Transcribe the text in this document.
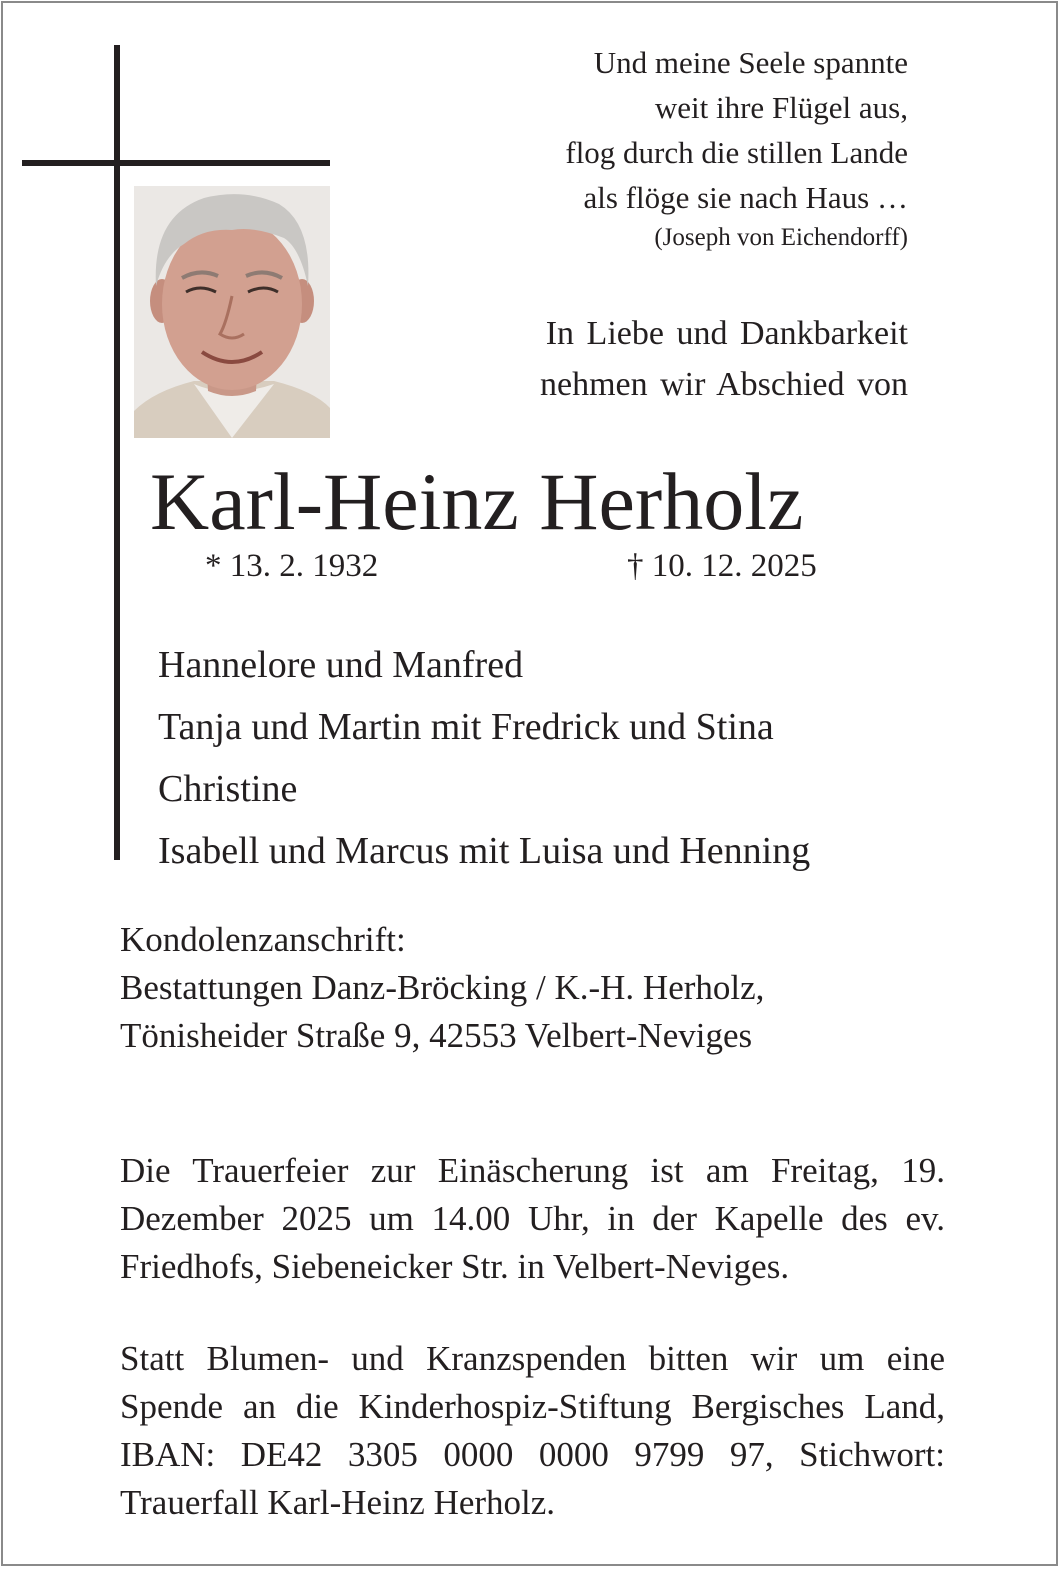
Und meine Seele spannte
weit ihre Flügel aus,
flog durch die stillen Lande
als flöge sie nach Haus …
(Joseph von Eichendorff)
In Liebe und Dankbarkeit
nehmen wir Abschied von
Karl-Heinz Herholz
* 13. 2. 1932	† 10. 12. 2025
Hannelore und Manfred
Tanja und Martin mit Fredrick und Stina
Christine
Isabell und Marcus mit Luisa und Henning
Kondolenzanschrift:
Bestattungen Danz-Bröcking / K.-H. Herholz,
Tönisheider Straße 9, 42553 Velbert-Neviges
Die Trauerfeier zur Einäscherung ist am Freitag, 19. Dezember 2025 um 14.00 Uhr, in der Kapelle des ev. Friedhofs, Siebeneicker Str. in Velbert-Neviges.
Statt Blumen- und Kranzspenden bitten wir um eine Spende an die Kinderhospiz-Stiftung Bergisches Land, IBAN: DE42 3305 0000 0000 9799 97, Stichwort: Trauerfall Karl-Heinz Herholz.
